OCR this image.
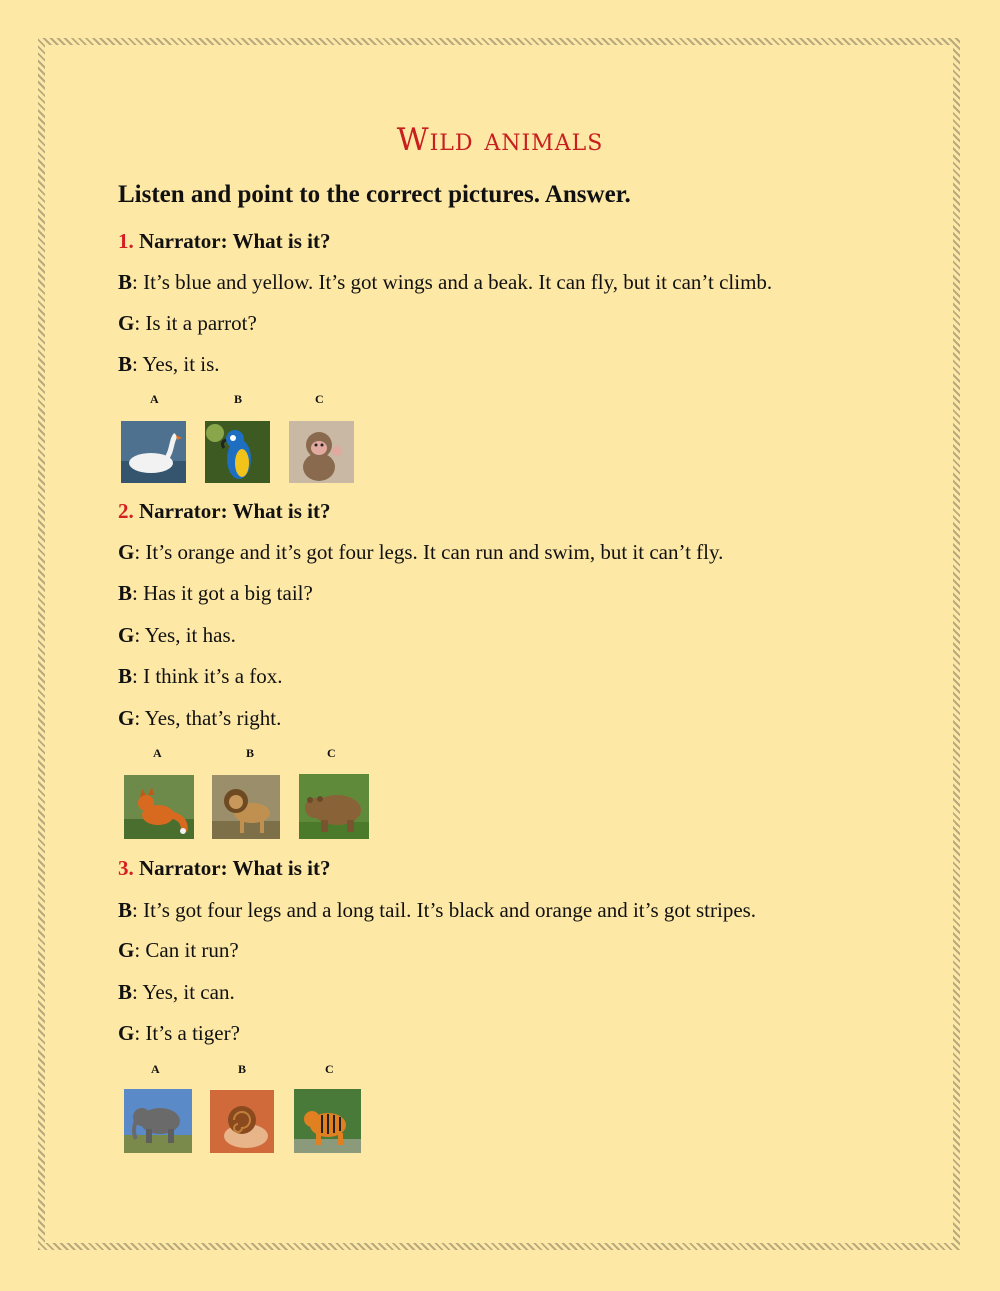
Wild animals
Listen and point to the correct pictures. Answer.
1. Narrator: What is it?
B: It’s blue and yellow. It’s got wings and a beak. It can fly, but it can’t climb.
G: Is it a parrot?
B: Yes, it is.
A	B	C
2. Narrator: What is it?
G: It’s orange and it’s got four legs. It can run and swim, but it can’t fly.
B: Has it got a big tail?
G: Yes, it has.
B: I think it’s a fox.
G: Yes, that’s right.
A	B	C
3. Narrator: What is it?
B: It’s got four legs and a long tail. It’s black and orange and it’s got stripes.
G: Can it run?
B: Yes, it can.
G: It’s a tiger?
A	B	C
